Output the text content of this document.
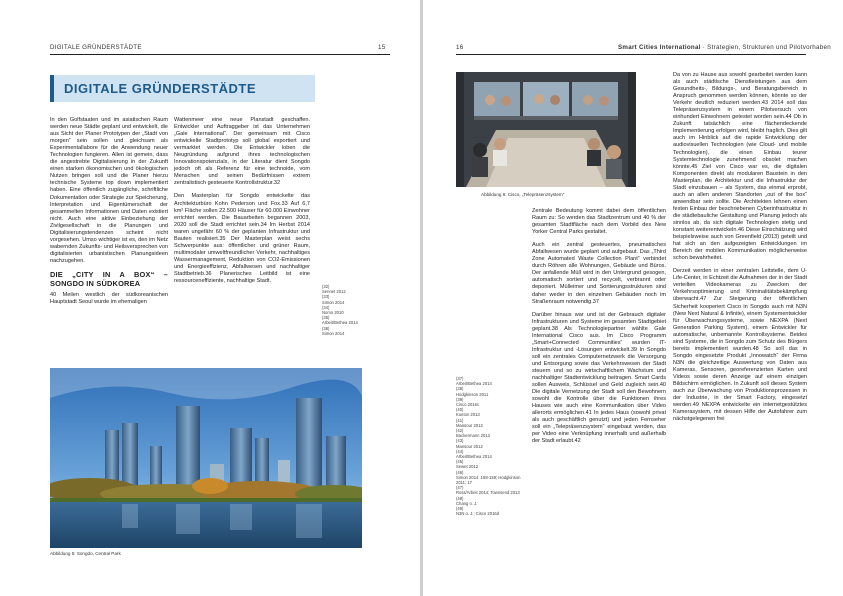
DIGITALE GRÜNDERSTÄDTE	15
DIGITALE GRÜNDERSTÄDTE

In den Golfstaaten und im asiatischen Raum werden neue Städte geplant und entwickelt, die aus Sicht der Planer Prototypen der „Stadt von morgen“ sein sollen und gleichsam als Experimentallabore für die Anwendung neuer Technologien fungieren. Allen ist gemein, dass die angestrebte Digitalisierung in der Zukunft einen starken ökonomischen und ökologischen Nutzen bringen soll und die Planer hierzu technische Systeme top down implementiert haben. Eine öffentlich zugängliche, schriftliche Dokumentation oder Strategie zur Speicherung, Interpretation und Eigentümerschaft der gesammelten Informationen und Daten existiert nicht. Auch eine aktive Einbeziehung der Zivilgesellschaft in die Planungen und Digitalisierungstendenzen scheint nicht vorgesehen. Umso wichtiger ist es, den im Netz wabernden Zukunfts- und Heilsversprechen von digitalisierten urbanistischen Planungsideen nachzugehen.

DIE „CITY IN A BOX“ – SONGDO IN SÜDKOREA

40 Meilen westlich der südkoreanischen Hauptstadt Seoul wurde im ehemaligen

Wattenmeer eine neue Planstadt geschaffen. Entwickler und Auftraggeber ist das Unternehmen „Gale International“. Der gemeinsam mit Cisco entwickelte Stadtprototyp soll global exportiert und vermarktet werden. Die Entwickler loben die Neugründung aufgrund ihres technologischen Innovationspotenzials, in der Literatur dient Songdo jedoch oft als Referenz für eine technoide, vom Menschen und seinen Bedürfnissen extrem zentralistisch gesteuerte Kontrollstruktur.32

Den Masterplan für Songdo entwickelte das Architekturbüro Kohn Pederson und Fox.33 Auf 6,7 km² Fläche sollen 22.500 Häuser für 60.000 Einwohner errichtet werden. Die Bauarbeiten begannen 2003, 2020 soll die Stadt errichtet sein.34 Im Herbst 2014 waren ungefähr 60 % der geplanten Infrastruktur und Bauten realisiert.35 Der Masterplan weist sechs Schwerpunkte aus: öffentlicher und grüner Raum, multimodaler umweltfreundlicher Verkehr, nachhaltiges Wassermanagement, Reduktion von CO2-Emissionen und Energieeffizienz, Abfallwesen und nachhaltiger Stadtbetrieb.36 Planerisches Leitbild ist eine ressourceneffiziente, nachhaltige Stadt.

(32)
Sennet 2012
(33)
Simon 2014
(34)
Nomo 2010
(35)
Arbeit/Bethea 2014
(36)
Simon 2014
Abbildung 5: Songdo, Central Park
16	Smart Cities International · Strategien, Strukturen und Pilotvorhaben
Abbildung 6: Cisco, „Telepräsenzsystem“

Zentrale Bedeutung kommt dabei dem öffentlichen Raum zu: So werden das Stadtzentrum und 40 % der gesamten Stadtfläche nach dem Vorbild des New Yorker Central Parks gestaltet.

Auch ein zentral gesteuertes, pneumatisches Abfallwesen wurde geplant und aufgebaut. Das „Third Zone Automated Waste Collection Plant“ verbindet durch Röhren alle Wohnungen, Gebäude und Büros. Der anfallende Müll wird in den Untergrund gesogen, automatisch sortiert und recycelt, verbrannt oder deponiert. Mülleimer und Sortierungsstrukturen sind daher weder in den einzelnen Gebäuden noch im Straßenraum notwendig.37

Darüber hinaus war und ist der Gebrauch digitaler Infrastrukturen und Systeme im gesamten Stadtgebiet geplant.38 Als Technologiepartner wählte Gale International Cisco aus. Im Cisco Programm „Smart+Connected Communities“ wurden IT-Infrastruktur und -Lösungen entwickelt.39 In Songdo soll ein zentrales Computernetzwerk die Versorgung und Entsorgung sowie das Verkehrswesen der Stadt steuern und so zu wirtschaftlichem Wachstum und nachhaltiger Stadtentwicklung beitragen. Smart Cards sollen Ausweis, Schlüssel und Geld zugleich sein.40 Die digitale Vernetzung der Stadt soll den Bewohnern sowohl die Kontrolle über die Funktionen ihres Hauses wie auch eine Kommunikation über Video allerorts ermöglichen.41 In jedes Haus (sowohl privat als auch geschäftlich genutzt) und jeden Fernseher soll ein „Telepräsenzsystem“ eingebaut werden, das per Video eine Verknüpfung innerhalb und außerhalb der Stadt erlaubt.42

(37)
Arbeit/Bethea 2014
(38)
Hodgkinson 2011
(39)
Cisco 2016c
(40)
Koeton 2013
(41)
Mansour 2012
(42)
Backermann 2013
(43)
Mansour 2012
(44)
Arbeit/Bethea 2014
(45)
Sewet 2012
(46)
Simon 2014: 158-159; Hodgkinson 2011: 17
(47)
Ross/Arbeit 2014; Townsend 2013
(48)
Chang o. J.
(49)
N3N o. J.; Cisco 2016d

Da von zu Hause aus sowohl gearbeitet werden kann als auch städtische Dienstleistungen aus dem Gesundheits-, Bildungs-, und Beratungsbereich in Anspruch genommen werden können, könnte so der Verkehr deutlich reduziert werden.43 2014 soll das Telepräsenzsystem in einem Pilotversuch von einhundert Einwohnern getestet worden sein.44 Ob in Zukunft tatsächlich eine flächendeckende Implementierung erfolgen wird, bleibt fraglich. Dies gilt auch im Hinblick auf die rapide Entwicklung der audiovisuellen Technologien (wie Cloud- und mobile Technologien), die einen Einbau teurer Systemtechnologie zunehmend obsolet machen könnte.45 Ziel von Cisco war es, die digitalen Komponenten direkt als modularen Baustein in den Masterplan, die Architektur und die Infrastruktur der Stadt einzubauen – als System, das einmal erprobt, auch an allen anderen Standorten „out of the box“ anwendbar sein sollte. Die Architekten lehnen einen festen Einbau der beschriebenen Cyberinfrastruktur in die städtebauliche Gestaltung und Planung jedoch als sinnlos ab, da sich digitale Technologien stetig und konstant weiterentwickeln.46 Diese Einschätzung wird beispielsweise auch von Greenfield (2013) geteilt und hat sich an den aufgezeigten Entwicklungen im Bereich der mobilen Kommunikation möglicherweise schon bewahrheitet.

Derzeit werden in einer zentralen Leitstelle, dem U-Life-Center, in Echtzeit die Aufnahmen der in der Stadt verteilten Videokameras zu Zwecken der Verkehrsoptimierung und Kriminalitätsbekämpfung überwacht.47 Zur Steigerung der öffentlichen Sicherheit kooperiert Cisco in Songdo auch mit N3N (New Next Natural & Infinite), einem Systementwickler für Überwachungssysteme, sowie NEXPA (Next Generation Parking System), einem Entwickler für automatische, unbemannte Kontrollsysteme. Beides sind Systeme, die in Songdo zum Schutz des Bürgers bereits implementiert wurden.48 So soll das in Songdo eingesetzte Produkt „Innowatch“ der Firma N3N die gleichzeitige Auswertung von Daten aus Kameras, Sensoren, georeferenzierten Karten und Videos sowie deren Anzeige auf einem einzigen Bildschirm ermöglichen. In Zukunft soll dieses System auch zur Überwachung von Produktionsprozessen in der Industrie, in der Smart Factory, eingesetzt werden.49 NEXPA entwickelte ein internetgestütztes Kamerasystem, mit dessen Hilfe der Autofahrer zum nächstgelegenen frei
